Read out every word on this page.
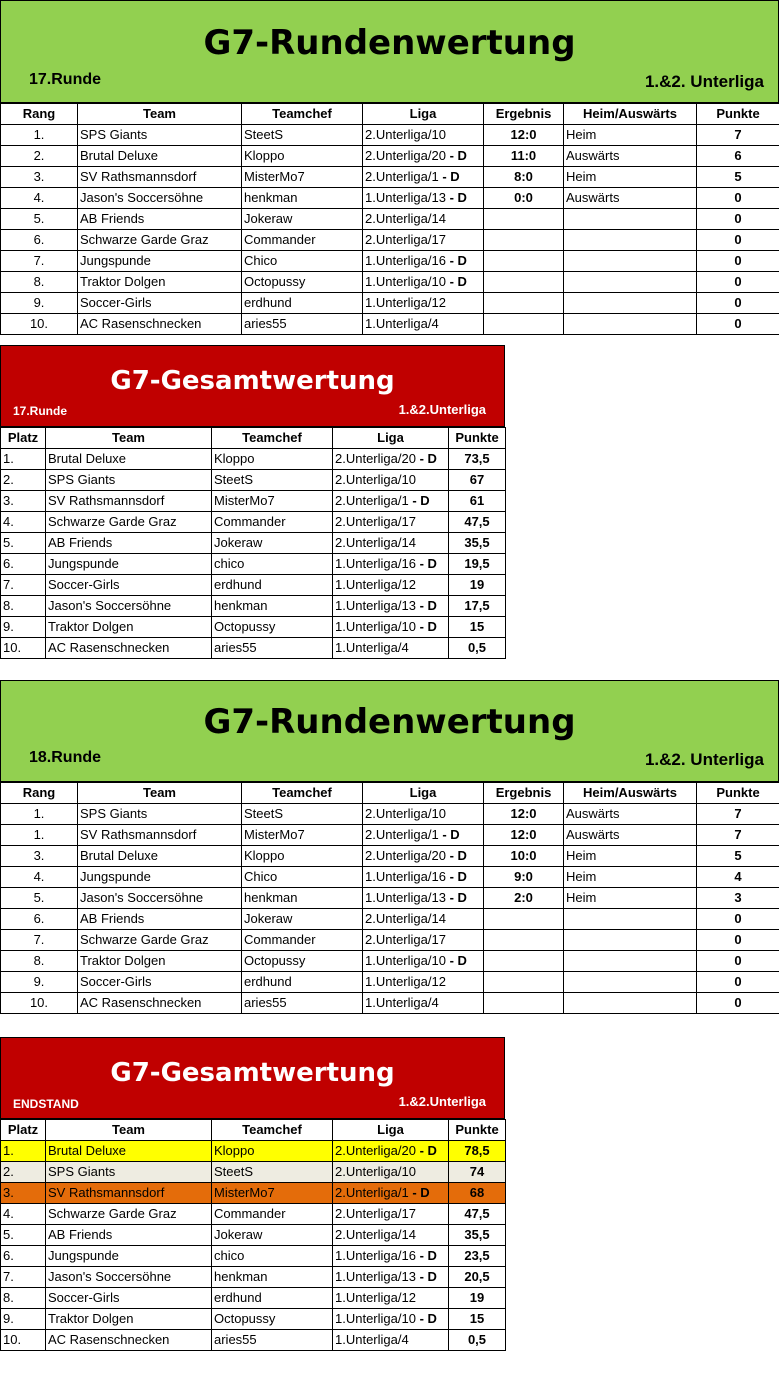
G7-Rundenwertung
17.Runde	1.&2. Unterliga
Rang	Team	Teamchef	Liga	Ergebnis	Heim/Auswärts	Punkte
1.	SPS Giants	SteetS	2.Unterliga/10	12:0	Heim	7
2.	Brutal Deluxe	Kloppo	2.Unterliga/20 - D	11:0	Auswärts	6
3.	SV Rathsmannsdorf	MisterMo7	2.Unterliga/1 - D	8:0	Heim	5
4.	Jason's Soccersöhne	henkman	1.Unterliga/13 - D	0:0	Auswärts	0
5.	AB Friends	Jokeraw	2.Unterliga/14			0
6.	Schwarze Garde Graz	Commander	2.Unterliga/17			0
7.	Jungspunde	Chico	1.Unterliga/16 - D			0
8.	Traktor Dolgen	Octopussy	1.Unterliga/10 - D			0
9.	Soccer-Girls	erdhund	1.Unterliga/12			0
10.	AC Rasenschnecken	aries55	1.Unterliga/4			0
G7-Gesamtwertung
17.Runde	1.&2.Unterliga
Platz	Team	Teamchef	Liga	Punkte
1.	Brutal Deluxe	Kloppo	2.Unterliga/20 - D	73,5
2.	SPS Giants	SteetS	2.Unterliga/10	67
3.	SV Rathsmannsdorf	MisterMo7	2.Unterliga/1 - D	61
4.	Schwarze Garde Graz	Commander	2.Unterliga/17	47,5
5.	AB Friends	Jokeraw	2.Unterliga/14	35,5
6.	Jungspunde	chico	1.Unterliga/16 - D	19,5
7.	Soccer-Girls	erdhund	1.Unterliga/12	19
8.	Jason's Soccersöhne	henkman	1.Unterliga/13 - D	17,5
9.	Traktor Dolgen	Octopussy	1.Unterliga/10 - D	15
10.	AC Rasenschnecken	aries55	1.Unterliga/4	0,5
G7-Rundenwertung
18.Runde	1.&2. Unterliga
Rang	Team	Teamchef	Liga	Ergebnis	Heim/Auswärts	Punkte
1.	SPS Giants	SteetS	2.Unterliga/10	12:0	Auswärts	7
1.	SV Rathsmannsdorf	MisterMo7	2.Unterliga/1 - D	12:0	Auswärts	7
3.	Brutal Deluxe	Kloppo	2.Unterliga/20 - D	10:0	Heim	5
4.	Jungspunde	Chico	1.Unterliga/16 - D	9:0	Heim	4
5.	Jason's Soccersöhne	henkman	1.Unterliga/13 - D	2:0	Heim	3
6.	AB Friends	Jokeraw	2.Unterliga/14			0
7.	Schwarze Garde Graz	Commander	2.Unterliga/17			0
8.	Traktor Dolgen	Octopussy	1.Unterliga/10 - D			0
9.	Soccer-Girls	erdhund	1.Unterliga/12			0
10.	AC Rasenschnecken	aries55	1.Unterliga/4			0
G7-Gesamtwertung
ENDSTAND	1.&2.Unterliga
Platz	Team	Teamchef	Liga	Punkte
1.	Brutal Deluxe	Kloppo	2.Unterliga/20 - D	78,5
2.	SPS Giants	SteetS	2.Unterliga/10	74
3.	SV Rathsmannsdorf	MisterMo7	2.Unterliga/1 - D	68
4.	Schwarze Garde Graz	Commander	2.Unterliga/17	47,5
5.	AB Friends	Jokeraw	2.Unterliga/14	35,5
6.	Jungspunde	chico	1.Unterliga/16 - D	23,5
7.	Jason's Soccersöhne	henkman	1.Unterliga/13 - D	20,5
8.	Soccer-Girls	erdhund	1.Unterliga/12	19
9.	Traktor Dolgen	Octopussy	1.Unterliga/10 - D	15
10.	AC Rasenschnecken	aries55	1.Unterliga/4	0,5
